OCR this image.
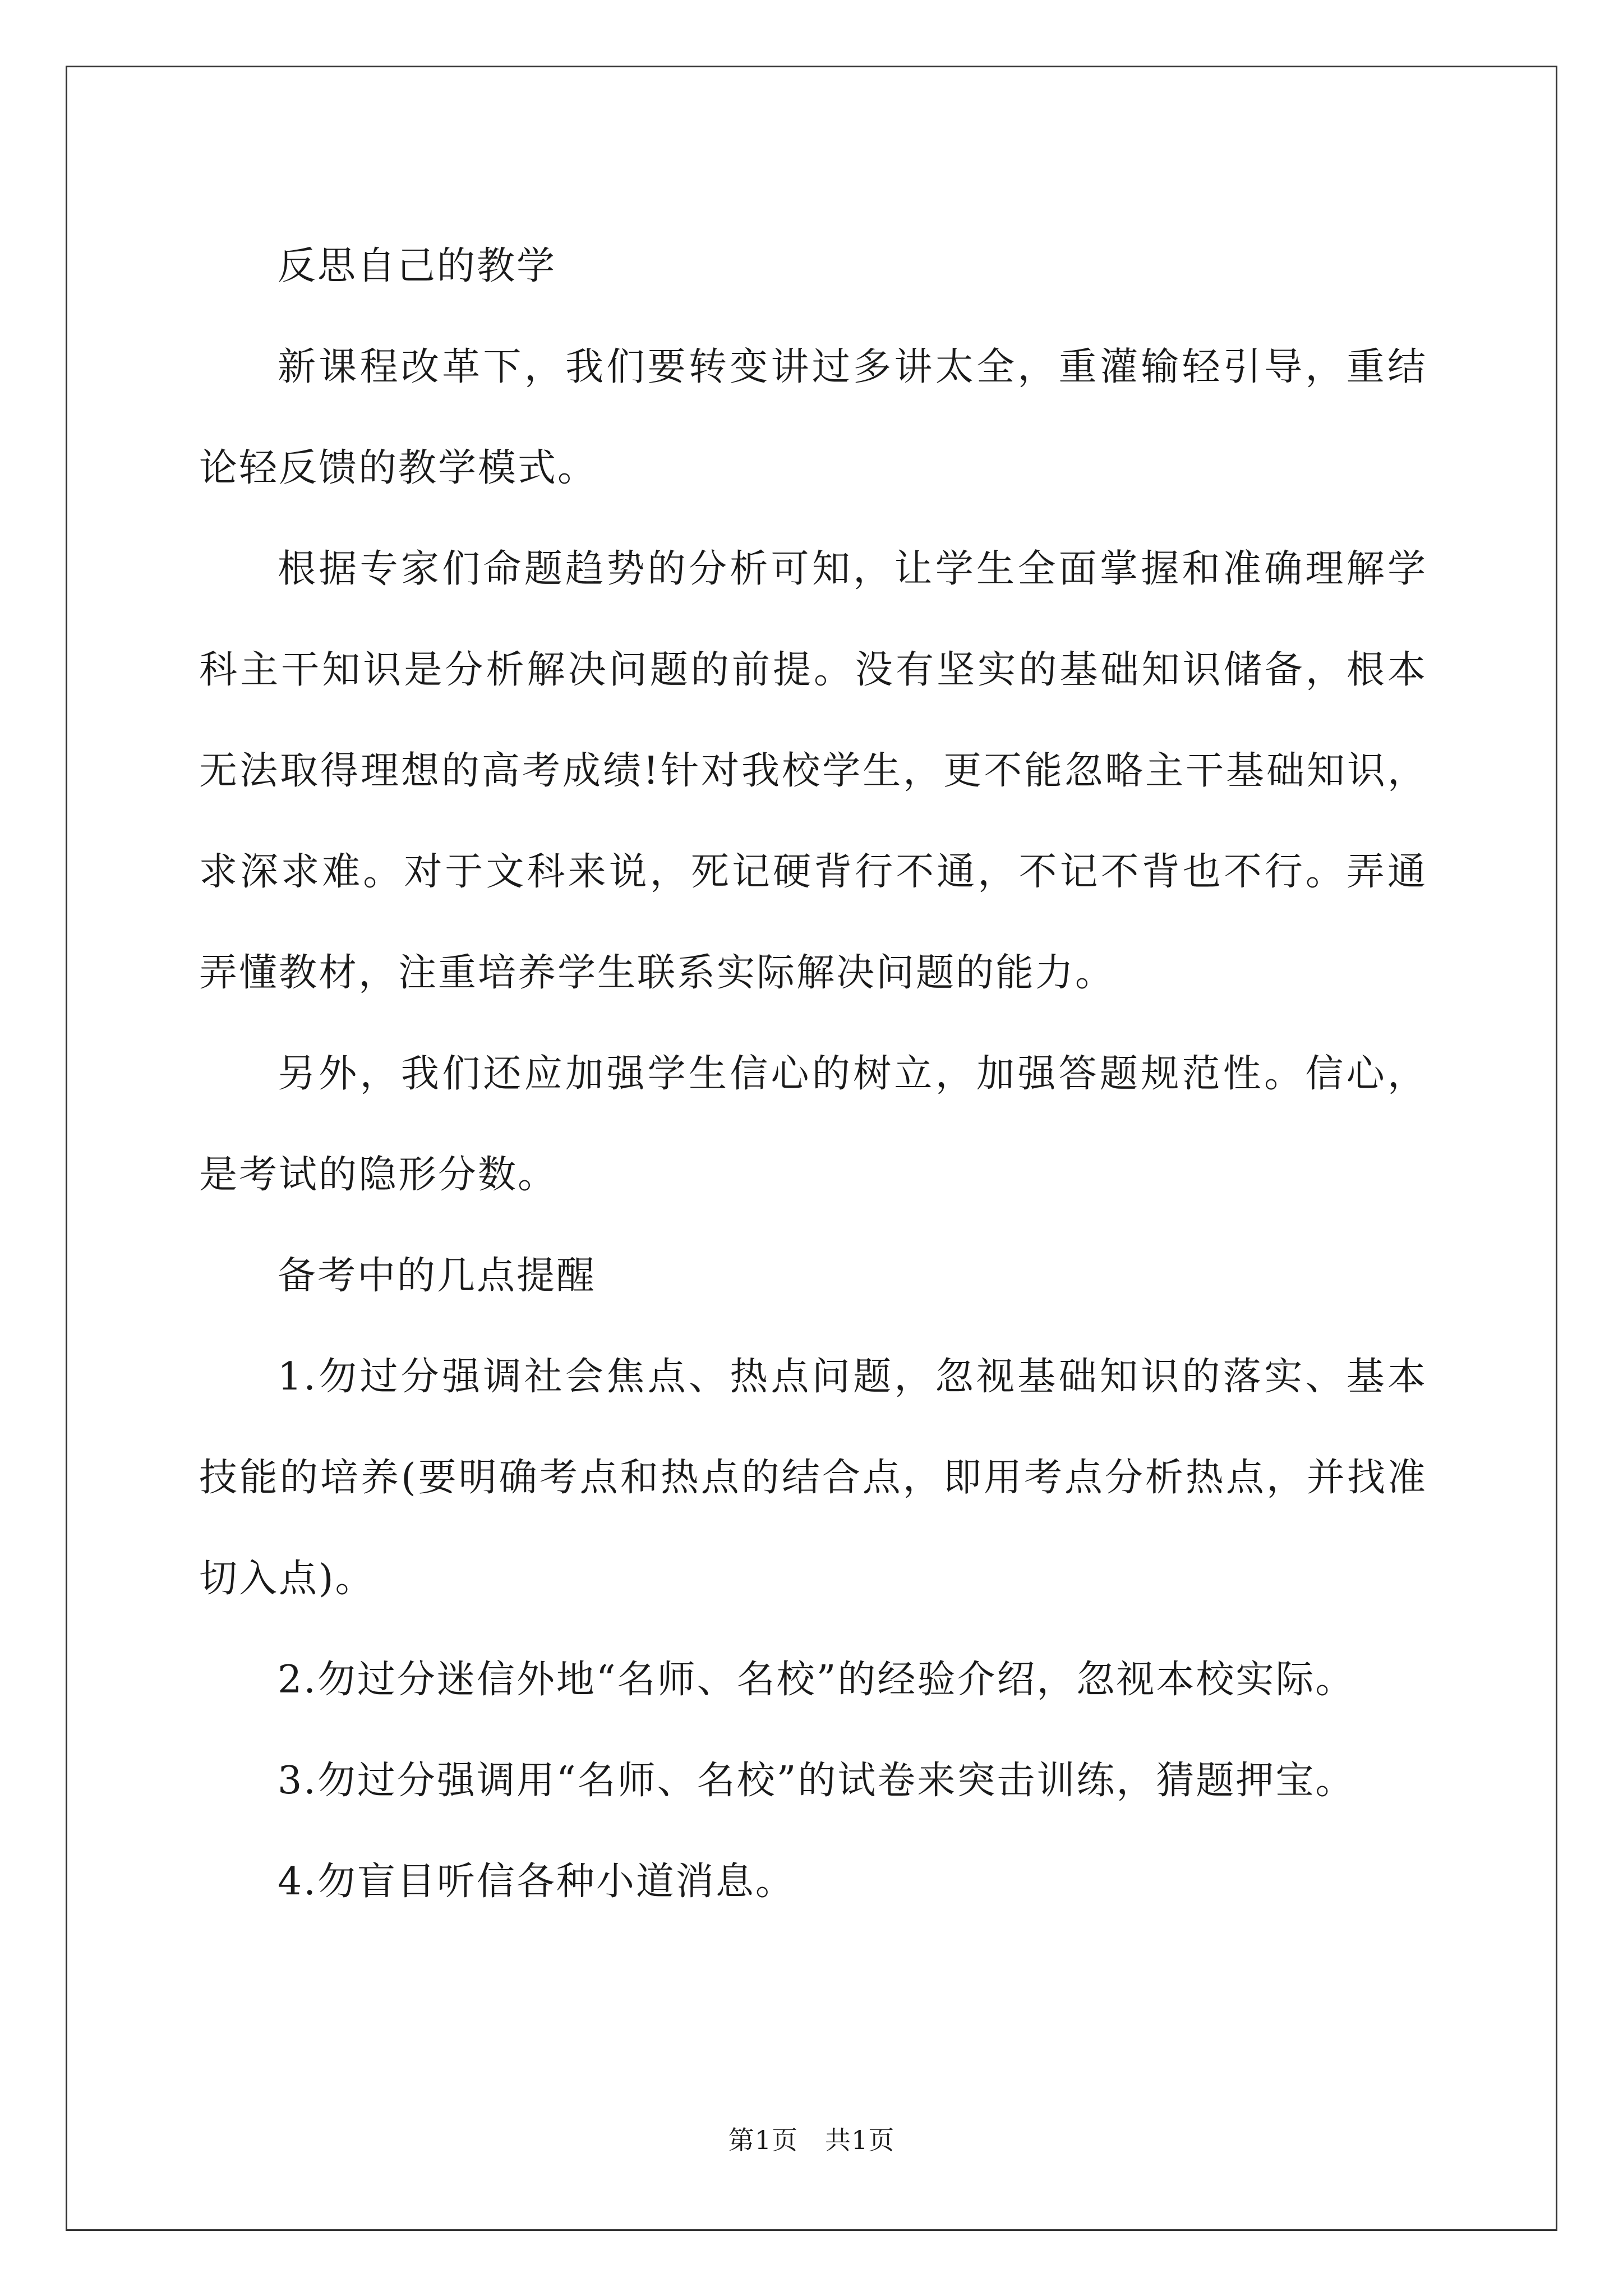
反思自己的教学

新课程改革下，我们要转变讲过多讲太全，重灌输轻引导，重结论轻反馈的教学模式。

根据专家们命题趋势的分析可知，让学生全面掌握和准确理解学科主干知识是分析解决问题的前提。没有坚实的基础知识储备，根本无法取得理想的高考成绩!针对我校学生，更不能忽略主干基础知识，求深求难。对于文科来说，死记硬背行不通，不记不背也不行。弄通弄懂教材，注重培养学生联系实际解决问题的能力。

另外，我们还应加强学生信心的树立，加强答题规范性。信心，是考试的隐形分数。

备考中的几点提醒

1.勿过分强调社会焦点、热点问题，忽视基础知识的落实、基本技能的培养(要明确考点和热点的结合点，即用考点分析热点，并找准切入点)。

2.勿过分迷信外地“名师、名校”的经验介绍，忽视本校实际。

3.勿过分强调用“名师、名校”的试卷来突击训练，猜题押宝。

4.勿盲目听信各种小道消息。

第1页 共1页
